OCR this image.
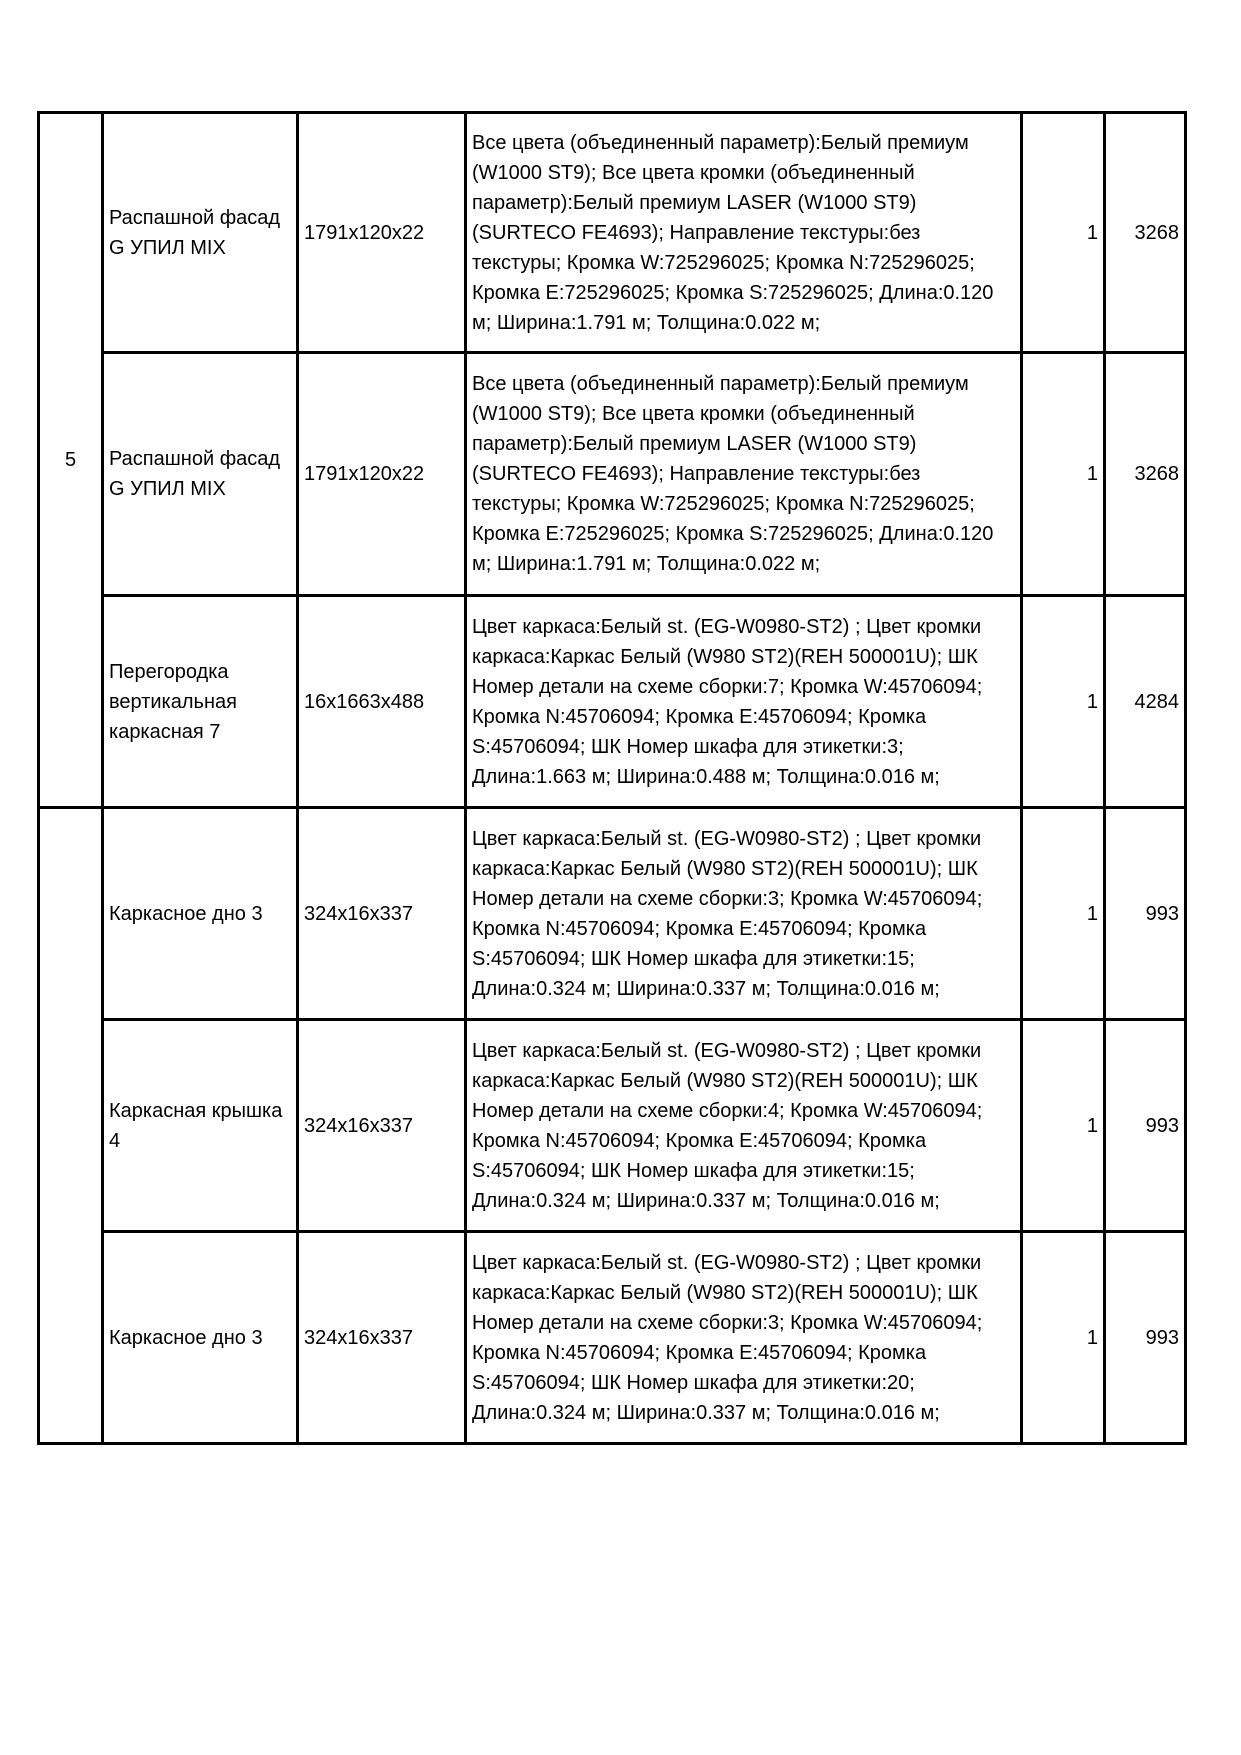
5	Распашной фасад G УПИЛ MIX	1791x120x22	Все цвета (объединенный параметр):Белый премиум (W1000 ST9); Все цвета кромки (объединенный параметр):Белый премиум LASER (W1000 ST9) (SURTECO FE4693); Направление текстуры:без текстуры; Кромка W:725296025; Кромка N:725296025; Кромка E:725296025; Кромка S:725296025; Длина:0.120 м; Ширина:1.791 м; Толщина:0.022 м;	1	3268
	Распашной фасад G УПИЛ MIX	1791x120x22	Все цвета (объединенный параметр):Белый премиум (W1000 ST9); Все цвета кромки (объединенный параметр):Белый премиум LASER (W1000 ST9) (SURTECO FE4693); Направление текстуры:без текстуры; Кромка W:725296025; Кромка N:725296025; Кромка E:725296025; Кромка S:725296025; Длина:0.120 м; Ширина:1.791 м; Толщина:0.022 м;	1	3268
	Перегородка вертикальная каркасная 7	16x1663x488	Цвет каркаса:Белый st. (EG-W0980-ST2) ; Цвет кромки каркаса:Каркас Белый (W980 ST2)(REH 500001U); ШК Номер детали на схеме сборки:7; Кромка W:45706094; Кромка N:45706094; Кромка E:45706094; Кромка S:45706094; ШК Номер шкафа для этикетки:3; Длина:1.663 м; Ширина:0.488 м; Толщина:0.016 м;	1	4284
	Каркасное дно 3	324x16x337	Цвет каркаса:Белый st. (EG-W0980-ST2) ; Цвет кромки каркаса:Каркас Белый (W980 ST2)(REH 500001U); ШК Номер детали на схеме сборки:3; Кромка W:45706094; Кромка N:45706094; Кромка E:45706094; Кромка S:45706094; ШК Номер шкафа для этикетки:15; Длина:0.324 м; Ширина:0.337 м; Толщина:0.016 м;	1	993
	Каркасная крышка 4	324x16x337	Цвет каркаса:Белый st. (EG-W0980-ST2) ; Цвет кромки каркаса:Каркас Белый (W980 ST2)(REH 500001U); ШК Номер детали на схеме сборки:4; Кромка W:45706094; Кромка N:45706094; Кромка E:45706094; Кромка S:45706094; ШК Номер шкафа для этикетки:15; Длина:0.324 м; Ширина:0.337 м; Толщина:0.016 м;	1	993
	Каркасное дно 3	324x16x337	Цвет каркаса:Белый st. (EG-W0980-ST2) ; Цвет кромки каркаса:Каркас Белый (W980 ST2)(REH 500001U); ШК Номер детали на схеме сборки:3; Кромка W:45706094; Кромка N:45706094; Кромка E:45706094; Кромка S:45706094; ШК Номер шкафа для этикетки:20; Длина:0.324 м; Ширина:0.337 м; Толщина:0.016 м;	1	993
